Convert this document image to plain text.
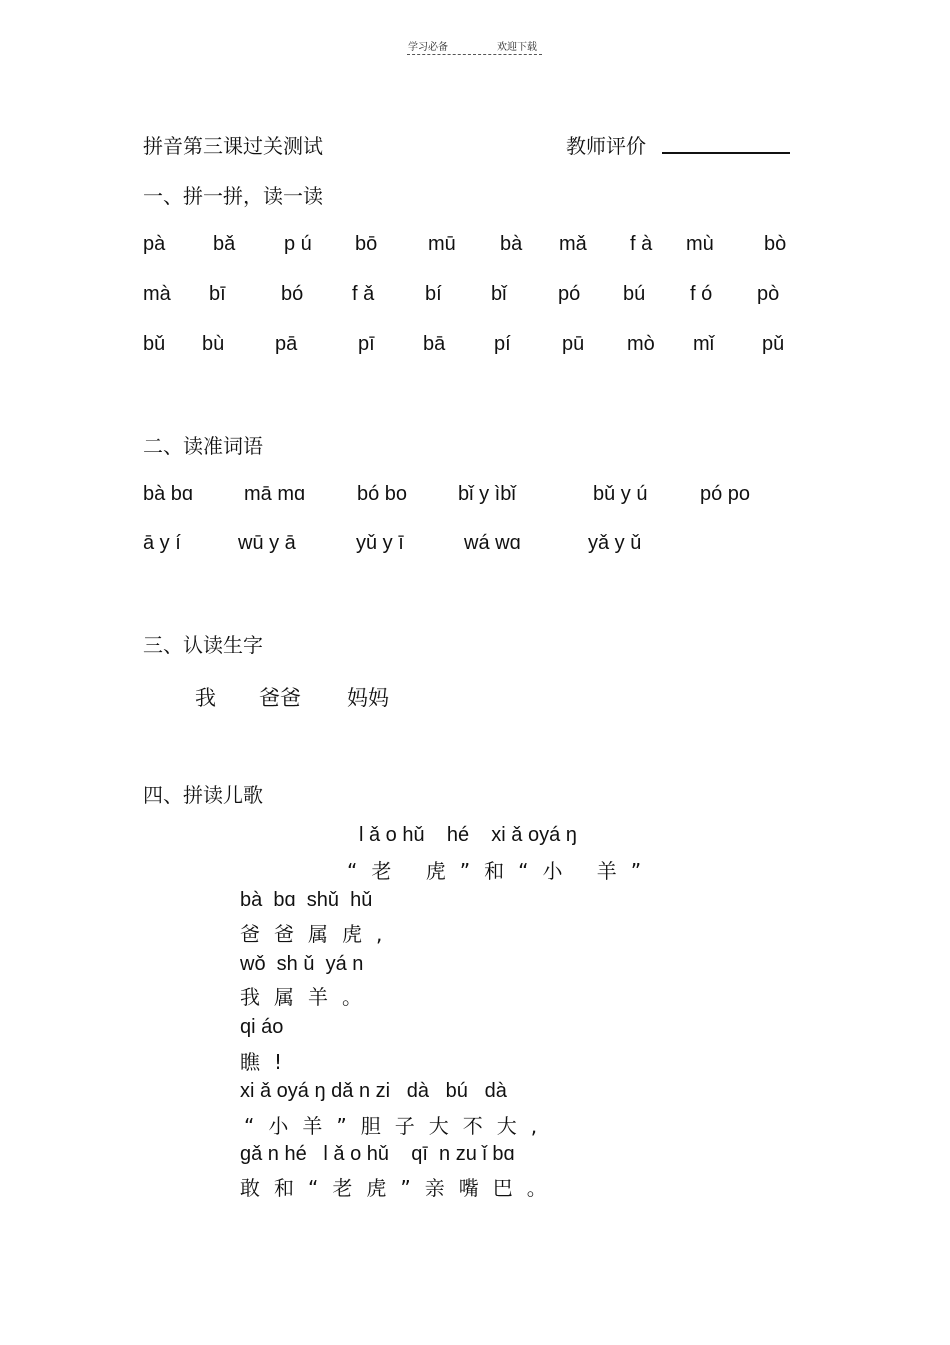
学习必备	欢迎下载
拼音第三课过关测试	教师评价
一、拼一拼，读一读
pà bǎ p ú bō	mū bà mǎ f à mù	bò
mà bī	bó f ǎ	bí bǐ	pó bú f ó pò
bǔ bù	pā	pī bā pí	pū mò mǐ pǔ
二、读准词语
bà bɑ	mā mɑ	bó bo	bǐ y ìbǐ	bǔ y ú	pó po
ā y í	wū y ā	yǔ y ī	wá wɑ	yǎ y ǔ
三、认读生字
我 爸爸 妈妈
四、拼读儿歌
l ǎ o hǔ    hé    xi ǎ oyá ŋ
“老 虎”和“小 羊”
bà  bɑ  shǔ  hǔ
爸爸属虎,
wǒ  sh ǔ  yá n
我属羊。
qi áo
瞧!
xi ǎ oyá ŋ dǎ n zi   dà   bú   dà
“小羊”胆子大不大,
gǎ n hé   l ǎ o hǔ    qī  n zu ǐ bɑ
敢和“老虎”亲嘴巴。
